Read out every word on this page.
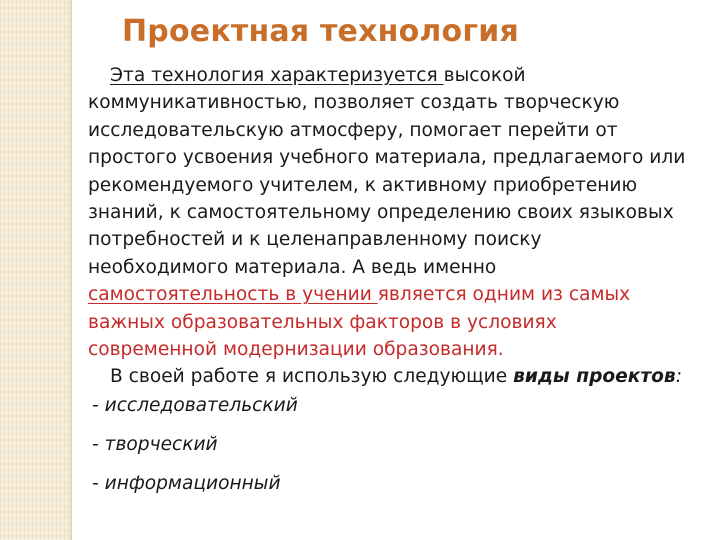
Проектная технология
Эта технология характеризуется высокой
коммуникативностью, позволяет создать творческую
исследовательскую атмосферу, помогает перейти от
простого усвоения учебного материала, предлагаемого или
рекомендуемого учителем, к активному приобретению
знаний, к самостоятельному определению своих языковых
потребностей и к целенаправленному поиску
необходимого материала. А ведь именно
самостоятельность в учении является одним из самых
важных образовательных факторов в условиях
современной модернизации образования.
В своей работе я использую следующие виды проектов:
- исследовательский
- творческий
- информационный
